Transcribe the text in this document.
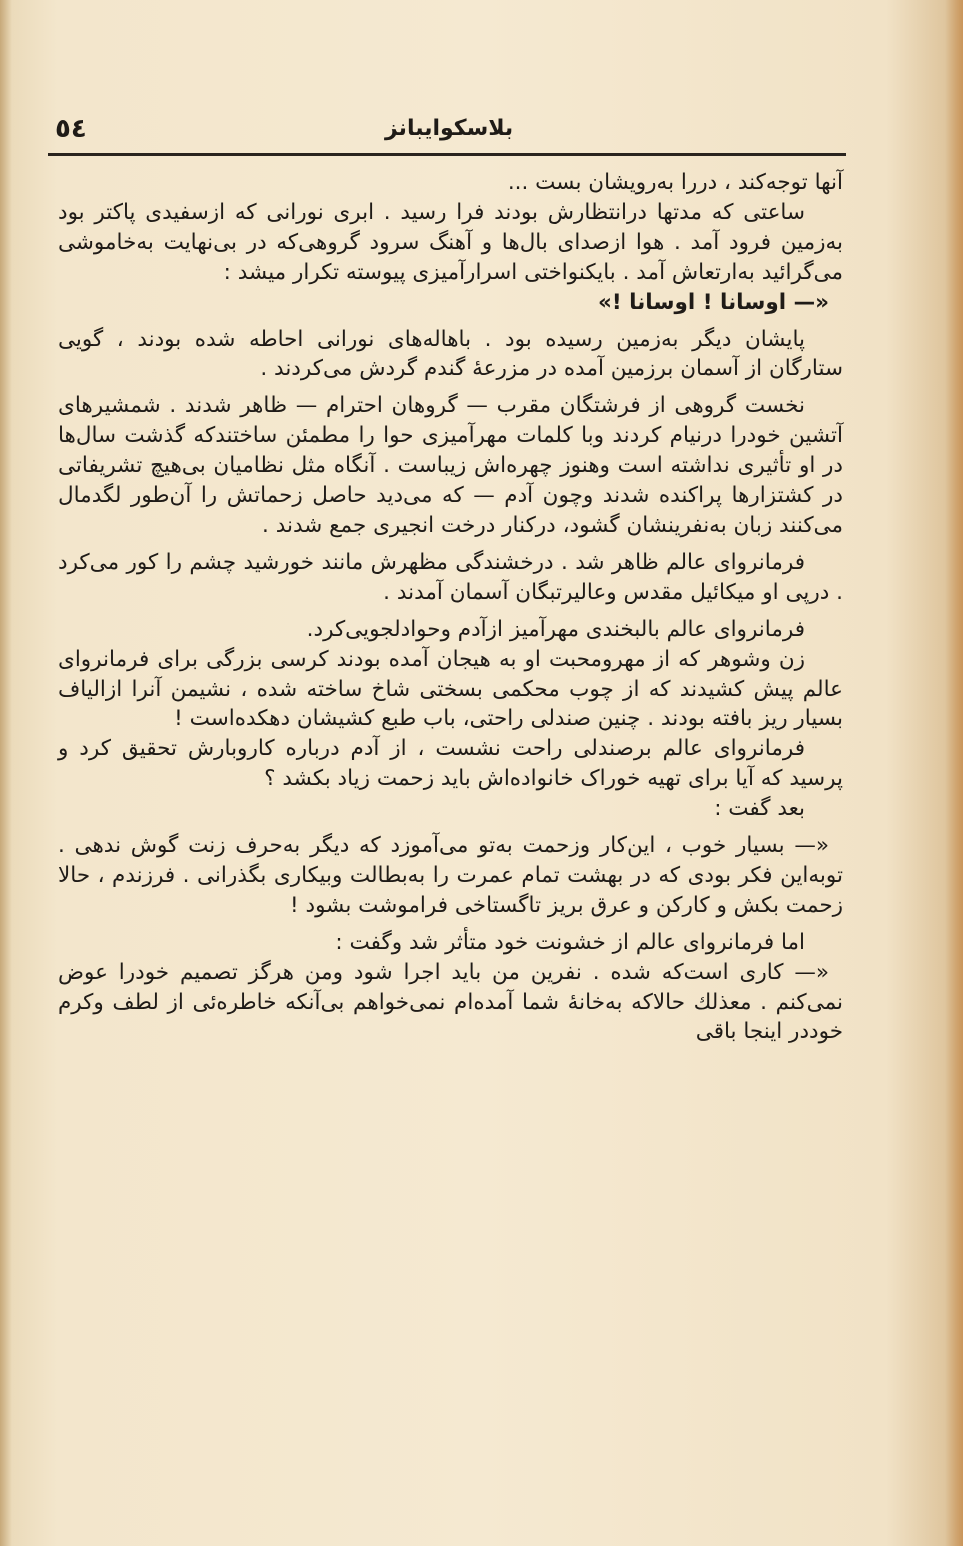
٥٤	بلاسکوایبانز

آنها توجه‌کند ، دررا به‌رویشان بست ...

ساعتی که مدتها درانتظارش بودند فرا رسید . ابری نورانی که ازسفیدی پاکتر بود به‌زمین فرود آمد . هوا ازصدای بال‌ها و آهنگ سرود گروهی‌که در بی‌نهایت به‌خاموشی می‌گرائید به‌ارتعاش آمد . بایکنواختی اسرارآمیزی پیوسته تکرار میشد :

«— اوسانا ! اوسانا !»

پایشان دیگر به‌زمین رسیده بود . باهاله‌های نورانی احاطه شده بودند ، گویی ستارگان از آسمان برزمین آمده در مزرعهٔ گندم گردش می‌کردند .

نخست گروهی از فرشتگان مقرب — گروهان احترام — ظاهر شدند . شمشیرهای آتشین خودرا درنیام کردند وبا کلمات مهرآمیزی حوا را مطمئن ساختندکه گذشت سال‌ها در او تأثیری نداشته است وهنوز چهره‌اش زیباست . آنگاه مثل نظامیان بی‌هیچ تشریفاتی در کشتزارها پراکنده شدند وچون آدم — که می‌دید حاصل زحماتش را آن‌طور لگدمال می‌کنند زبان به‌نفرینشان گشود، درکنار درخت انجیری جمع شدند .

فرمانروای عالم ظاهر شد . درخشندگی مظهرش مانند خورشید چشم را کور می‌کرد . درپی او میکائیل مقدس وعالیرتبگان آسمان آمدند .

فرمانروای عالم بالبخندی مهرآمیز ازآدم وحوادلجویی‌کرد.

زن وشوهر که از مهرومحبت او به هیجان آمده بودند کرسی بزرگی برای فرمانروای عالم پیش کشیدند که از چوب محکمی بسختی شاخ ساخته شده ، نشیمن آنرا ازالیاف بسیار ریز بافته بودند . چنین صندلی راحتی، باب طبع کشیشان دهکده‌است !

فرمانروای عالم برصندلی راحت نشست ، از آدم درباره کاروبارش تحقیق کرد و پرسید که آیا برای تهیه خوراک خانواده‌اش باید زحمت زیاد بکشد ؟

بعد گفت :

«— بسیار خوب ، این‌کار وزحمت به‌تو می‌آموزد که دیگر به‌حرف زنت گوش ندهی . توبه‌این فکر بودی که در بهشت تمام عمرت را به‌بطالت وبیکاری بگذرانی . فرزندم ، حالا زحمت بکش و کارکن و عرق بریز تاگستاخی فراموشت بشود !

اما فرمانروای عالم از خشونت خود متأثر شد وگفت :

«— کاری است‌که شده . نفرین من باید اجرا شود ومن هرگز تصمیم خودرا عوض نمی‌کنم . معذلك حالاکه به‌خانهٔ شما آمده‌ام نمی‌خواهم بی‌آنکه خاطره‌ئی از لطف وکرم خوددر اینجا باقی
